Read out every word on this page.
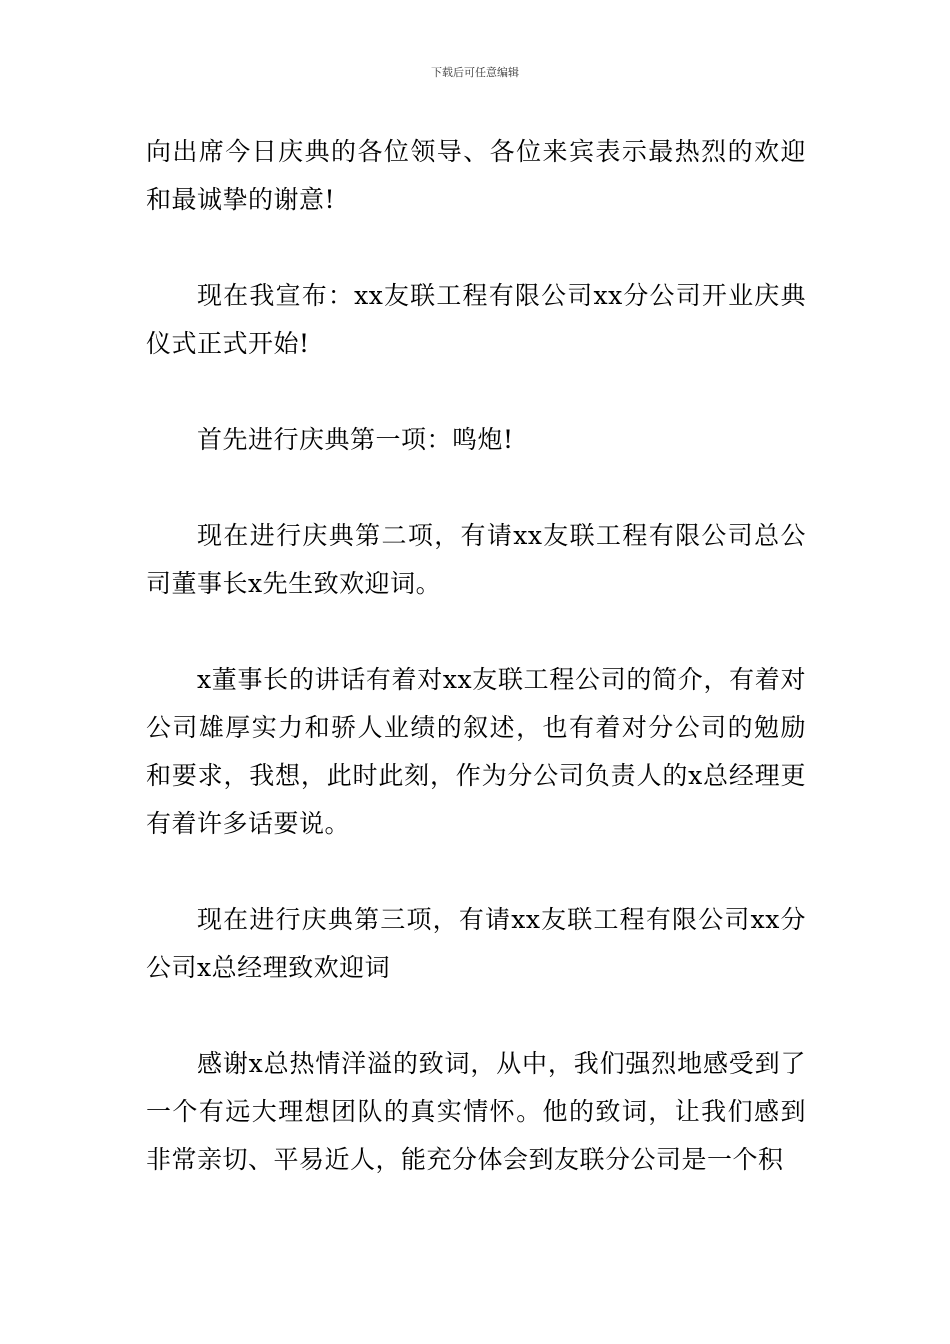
下载后可任意编辑

向出席今日庆典的各位领导、各位来宾表示最热烈的欢迎和最诚挚的谢意!

现在我宣布：xx友联工程有限公司xx分公司开业庆典仪式正式开始!

首先进行庆典第一项：鸣炮!

现在进行庆典第二项，有请xx友联工程有限公司总公司董事长x先生致欢迎词。

x董事长的讲话有着对xx友联工程公司的简介，有着对公司雄厚实力和骄人业绩的叙述，也有着对分公司的勉励和要求，我想，此时此刻，作为分公司负责人的x总经理更有着许多话要说。

现在进行庆典第三项，有请xx友联工程有限公司xx分公司x总经理致欢迎词

感谢x总热情洋溢的致词，从中，我们强烈地感受到了一个有远大理想团队的真实情怀。他的致词，让我们感到非常亲切、平易近人，能充分体会到友联分公司是一个积
